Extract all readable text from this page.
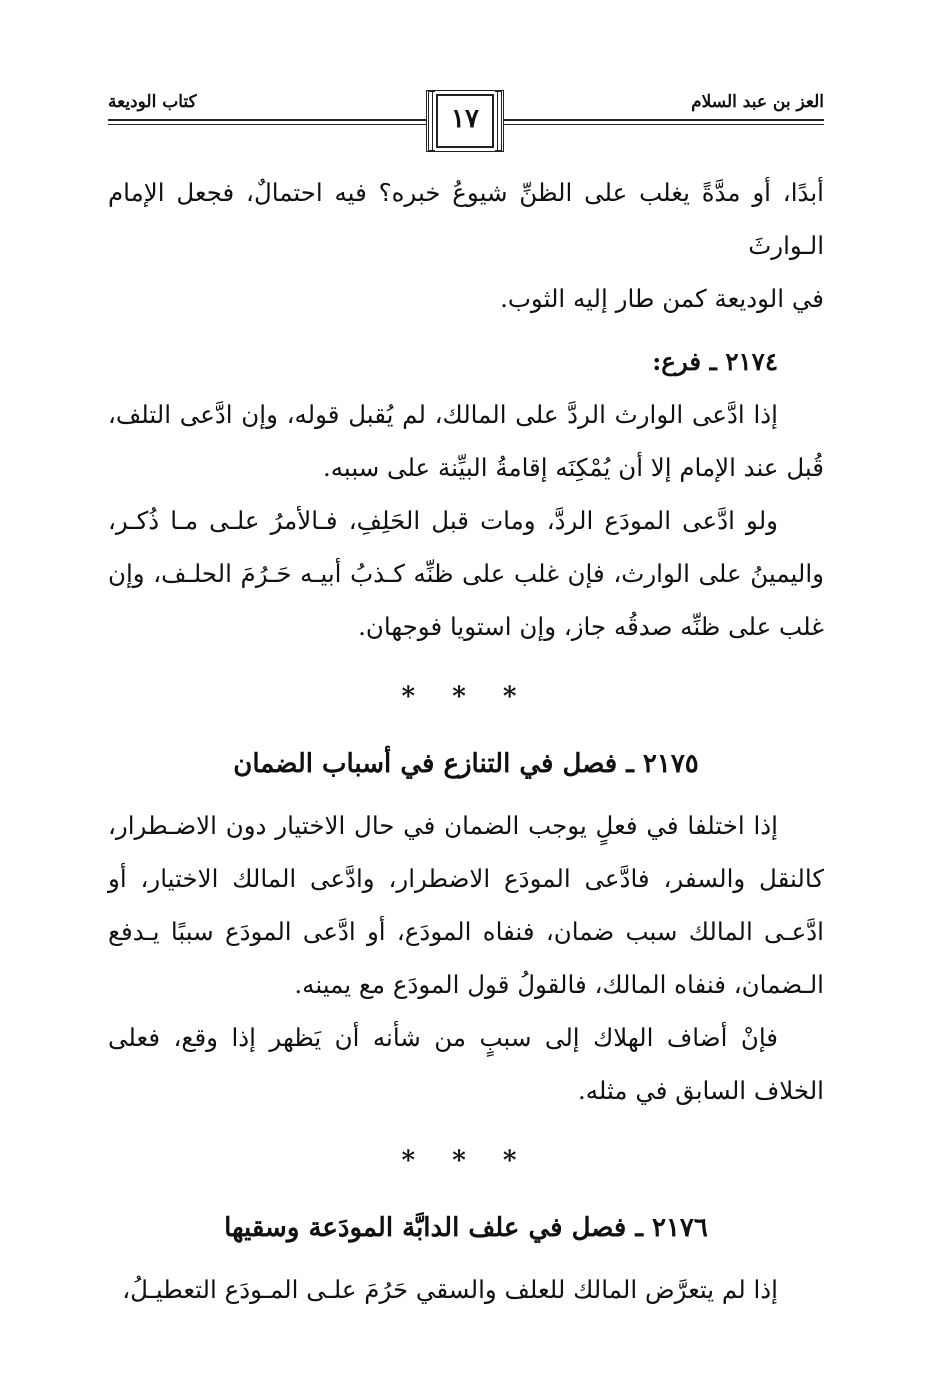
كتاب الوديعة	العز بن عبد السلام
١٧

أبدًا، أو مدَّةً يغلب على الظنِّ شيوعُ خبره؟ فيه احتمالٌ، فجعل الإمام الـوارثَ

في الوديعة كمن طار إليه الثوب.

٢١٧٤ ـ فرع:

إذا ادَّعى الوارث الردَّ على المالك، لم يُقبل قوله، وإن ادَّعى التلف، قُبل عند الإمام إلا أن يُمْكِنَه إقامةُ البيِّنة على سببه.

ولو ادَّعى المودَع الردَّ، ومات قبل الحَلِفِ، فـالأمرُ علـى مـا ذُكـر، واليمينُ على الوارث، فإن غلب على ظنِّه كـذبُ أبيـه حَـرُمَ الحلـف، وإن غلب على ظنِّه صدقُه جاز، وإن استويا فوجهان.

* * *

٢١٧٥ ـ فصل في التنازع في أسباب الضمان

إذا اختلفا في فعلٍ يوجب الضمان في حال الاختيار دون الاضـطرار، كالنقل والسفر، فادَّعى المودَع الاضطرار، وادَّعى المالك الاختيار، أو ادَّعـى المالك سبب ضمان، فنفاه المودَع، أو ادَّعى المودَع سببًا يـدفع الـضمان، فنفاه المالك، فالقولُ قول المودَع مع يمينه.

فإنْ أضاف الهلاك إلى سببٍ من شأنه أن يَظهر إذا وقع، فعلى الخلاف السابق في مثله.

* * *

٢١٧٦ ـ فصل في علف الدابَّة المودَعة وسقيها

إذا لم يتعرَّض المالك للعلف والسقي حَرُمَ علـى المـودَع التعطيـلُ،
